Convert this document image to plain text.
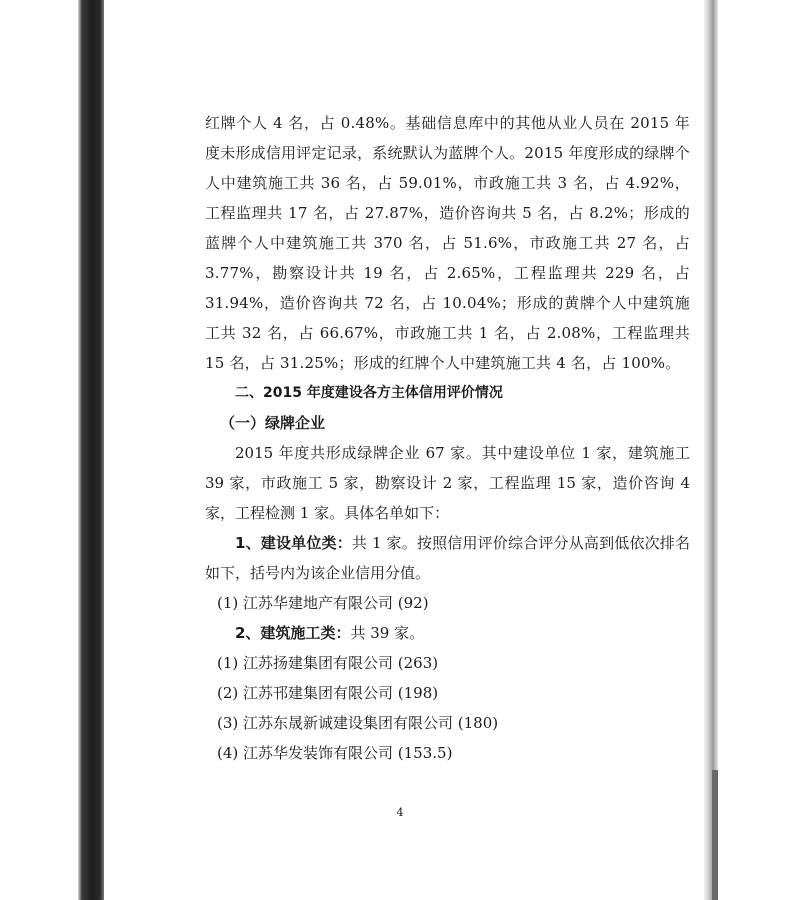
红牌个人 4 名，占 0.48%。基础信息库中的其他从业人员在 2015 年度未形成信用评定记录，系统默认为蓝牌个人。2015 年度形成的绿牌个人中建筑施工共 36 名，占 59.01%，市政施工共 3 名，占 4.92%，工程监理共 17 名，占 27.87%，造价咨询共 5 名，占 8.2%；形成的蓝牌个人中建筑施工共 370 名，占 51.6%，市政施工共 27 名，占 3.77%，勘察设计共 19 名，占 2.65%，工程监理共 229 名，占 31.94%，造价咨询共 72 名，占 10.04%；形成的黄牌个人中建筑施工共 32 名，占 66.67%，市政施工共 1 名，占 2.08%，工程监理共 15 名，占 31.25%；形成的红牌个人中建筑施工共 4 名，占 100%。

二、2015 年度建设各方主体信用评价情况

（一）绿牌企业

2015 年度共形成绿牌企业 67 家。其中建设单位 1 家，建筑施工 39 家，市政施工 5 家，勘察设计 2 家，工程监理 15 家，造价咨询 4 家，工程检测 1 家。具体名单如下：

1、建设单位类：共 1 家。按照信用评价综合评分从高到低依次排名如下，括号内为该企业信用分值。

(1) 江苏华建地产有限公司 (92)

2、建筑施工类：共 39 家。

(1) 江苏扬建集团有限公司 (263)

(2) 江苏邗建集团有限公司 (198)

(3) 江苏东晟新诚建设集团有限公司 (180)

(4) 江苏华发装饰有限公司 (153.5)

4
